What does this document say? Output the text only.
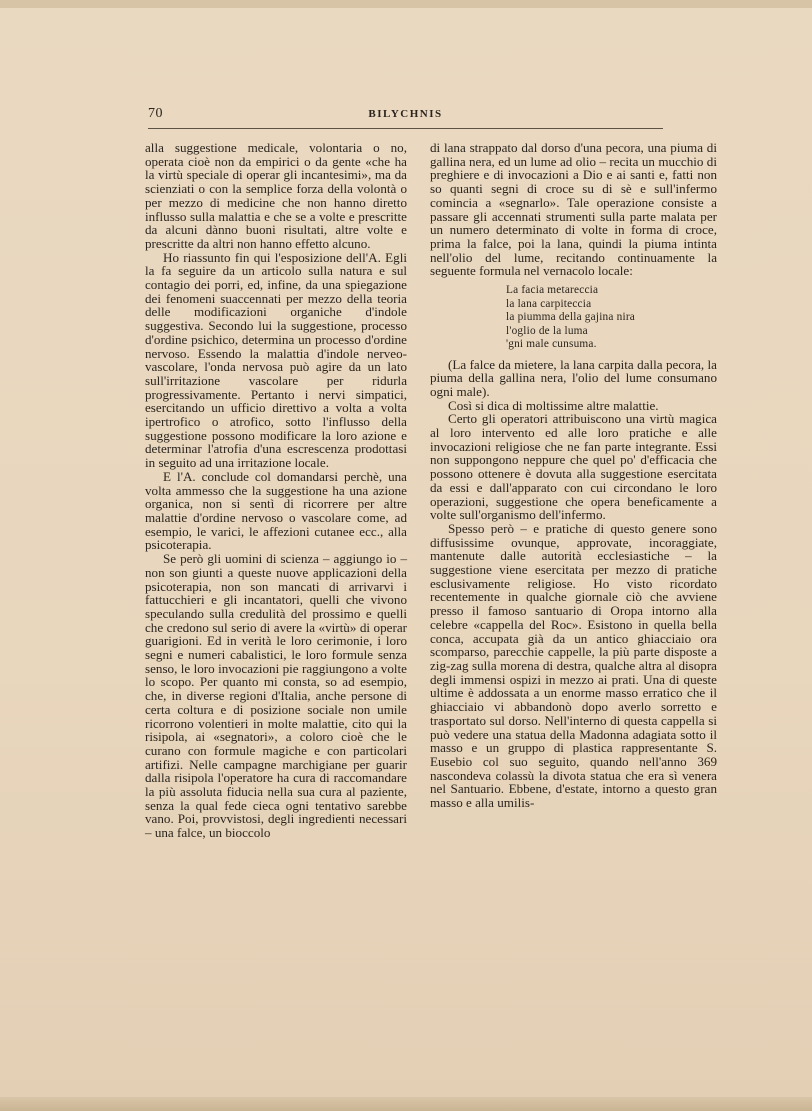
70	BILYCHNIS

alla suggestione medicale, volontaria o no, operata cioè non da empirici o da gente «che ha la virtù speciale di operar gli incantesimi», ma da scienziati o con la semplice forza della volontà o per mezzo di medicine che non hanno diretto influsso sulla malattia e che se a volte e prescritte da alcuni dànno buoni risultati, altre volte e prescritte da altri non hanno effetto alcuno.

Ho riassunto fin qui l'esposizione dell'A. Egli la fa seguire da un articolo sulla natura e sul contagio dei porri, ed, infine, da una spiegazione dei fenomeni suaccennati per mezzo della teoria delle modificazioni organiche d'indole suggestiva. Secondo lui la suggestione, processo d'ordine psichico, determina un processo d'ordine nervoso. Essendo la malattia d'indole nerveo-vascolare, l'onda nervosa può agire da un lato sull'irritazione vascolare per ridurla progressivamente. Pertanto i nervi simpatici, esercitando un ufficio direttivo a volta a volta ipertrofico o atrofico, sotto l'influsso della suggestione possono modificare la loro azione e determinar l'atrofia d'una escrescenza prodottasi in seguito ad una irritazione locale.

E l'A. conclude col domandarsi perchè, una volta ammesso che la suggestione ha una azione organica, non si sentì di ricorrere per altre malattie d'ordine nervoso o vascolare come, ad esempio, le varici, le affezioni cutanee ecc., alla psicoterapia.

Se però gli uomini di scienza – aggiungo io – non son giunti a queste nuove applicazioni della psicoterapia, non son mancati di arrivarvi i fattucchieri e gli incantatori, quelli che vivono speculando sulla credulità del prossimo e quelli che credono sul serio di avere la «virtù» di operar guarigioni. Ed in verità le loro cerimonie, i loro segni e numeri cabalistici, le loro formule senza senso, le loro invocazioni pie raggiungono a volte lo scopo. Per quanto mi consta, so ad esempio, che, in diverse regioni d'Italia, anche persone di certa coltura e di posizione sociale non umile ricorrono volentieri in molte malattie, cito qui la risipola, ai «segnatori», a coloro cioè che le curano con formule magiche e con particolari artifizi. Nelle campagne marchigiane per guarir dalla risipola l'operatore ha cura di raccomandare la più assoluta fiducia nella sua cura al paziente, senza la qual fede cieca ogni tentativo sarebbe vano. Poi, provvistosi, degli ingredienti necessari – una falce, un bioccolo

di lana strappato dal dorso d'una pecora, una piuma di gallina nera, ed un lume ad olio – recita un mucchio di preghiere e di invocazioni a Dio e ai santi e, fatti non so quanti segni di croce su di sè e sull'infermo comincia a «segnarlo». Tale operazione consiste a passare gli accennati strumenti sulla parte malata per un numero determinato di volte in forma di croce, prima la falce, poi la lana, quindi la piuma intinta nell'olio del lume, recitando continuamente la seguente formula nel vernacolo locale:

La facia metareccia
la lana carpiteccia
la piumma della gajina nira
l'oglio de la luma
'gni male cunsuma.

(La falce da mietere, la lana carpita dalla pecora, la piuma della gallina nera, l'olio del lume consumano ogni male).

Così si dica di moltissime altre malattie.

Certo gli operatori attribuiscono una virtù magica al loro intervento ed alle loro pratiche e alle invocazioni religiose che ne fan parte integrante. Essi non suppongono neppure che quel po' d'efficacia che possono ottenere è dovuta alla suggestione esercitata da essi e dall'apparato con cui circondano le loro operazioni, suggestione che opera beneficamente a volte sull'organismo dell'infermo.

Spesso però – e pratiche di questo genere sono diffusissime ovunque, approvate, incoraggiate, mantenute dalle autorità ecclesiastiche – la suggestione viene esercitata per mezzo di pratiche esclusivamente religiose. Ho visto ricordato recentemente in qualche giornale ciò che avviene presso il famoso santuario di Oropa intorno alla celebre «cappella del Roc». Esistono in quella bella conca, accupata già da un antico ghiacciaio ora scomparso, parecchie cappelle, la più parte disposte a zig-zag sulla morena di destra, qualche altra al disopra degli immensi ospizi in mezzo ai prati. Una di queste ultime è addossata a un enorme masso erratico che il ghiacciaio vi abbandonò dopo averlo sorretto e trasportato sul dorso. Nell'interno di questa cappella si può vedere una statua della Madonna adagiata sotto il masso e un gruppo di plastica rappresentante S. Eusebio col suo seguito, quando nell'anno 369 nascondeva colassù la divota statua che era sì venera nel Santuario. Ebbene, d'estate, intorno a questo gran masso e alla umilis-
